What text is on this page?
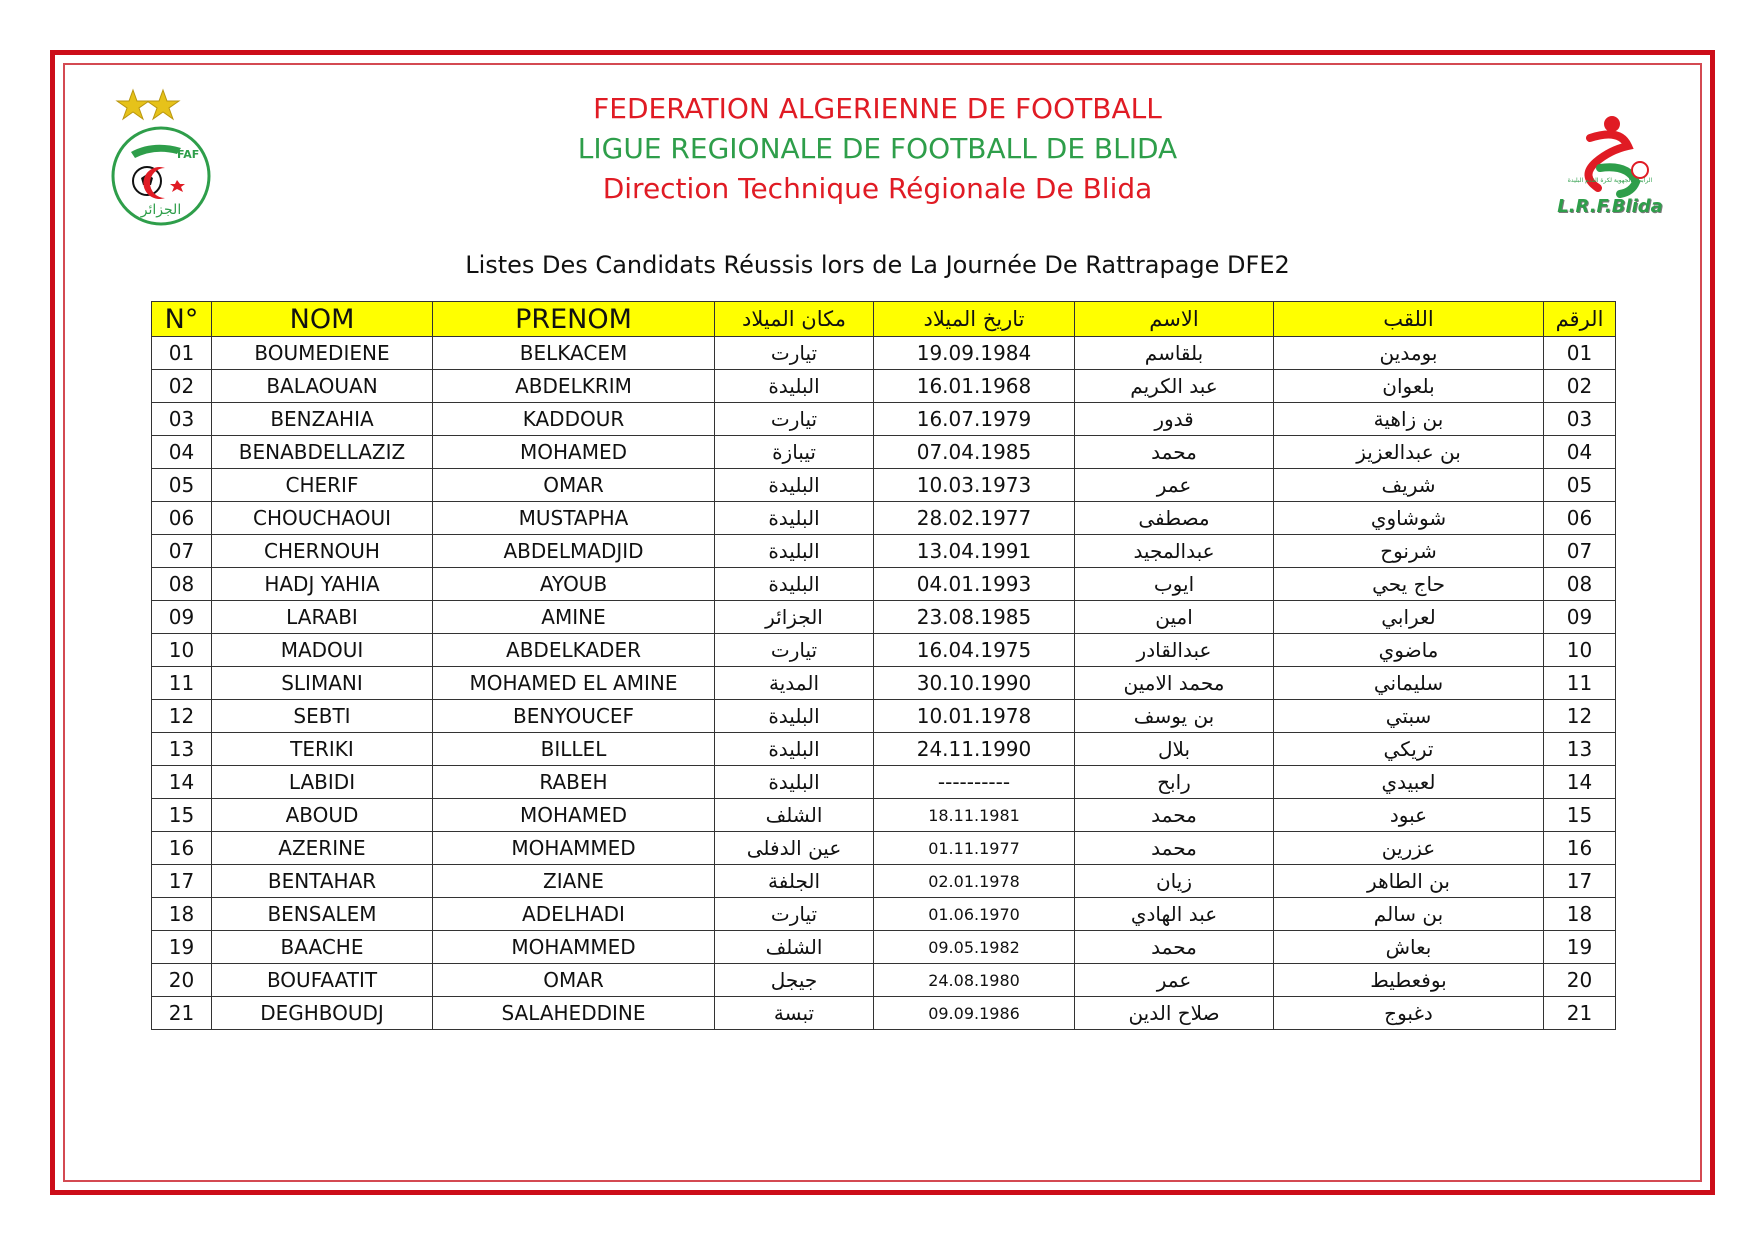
FAF
الجزائر
الرابطة الجهوية لكرة القدم البليدة
L.R.F.Blida
FEDERATION ALGERIENNE DE FOOTBALL
LIGUE REGIONALE DE FOOTBALL DE BLIDA
Direction Technique Régionale De Blida
Listes Des Candidats Réussis lors de La Journée De Rattrapage DFE2
N°	NOM	PRENOM	مكان الميلاد	تاريخ الميلاد	الاسم	اللقب	الرقم
01	BOUMEDIENE	BELKACEM	تيارت	19.09.1984	بلقاسم	بومدين	01
02	BALAOUAN	ABDELKRIM	البليدة	16.01.1968	عبد الكريم	بلعوان	02
03	BENZAHIA	KADDOUR	تيارت	16.07.1979	قدور	بن زاهية	03
04	BENABDELLAZIZ	MOHAMED	تيبازة	07.04.1985	محمد	بن عبدالعزيز	04
05	CHERIF	OMAR	البليدة	10.03.1973	عمر	شريف	05
06	CHOUCHAOUI	MUSTAPHA	البليدة	28.02.1977	مصطفى	شوشاوي	06
07	CHERNOUH	ABDELMADJID	البليدة	13.04.1991	عبدالمجيد	شرنوح	07
08	HADJ YAHIA	AYOUB	البليدة	04.01.1993	ايوب	حاج يحي	08
09	LARABI	AMINE	الجزائر	23.08.1985	امين	لعرابي	09
10	MADOUI	ABDELKADER	تيارت	16.04.1975	عبدالقادر	ماضوي	10
11	SLIMANI	MOHAMED EL AMINE	المدية	30.10.1990	محمد الامين	سليماني	11
12	SEBTI	BENYOUCEF	البليدة	10.01.1978	بن يوسف	سبتي	12
13	TERIKI	BILLEL	البليدة	24.11.1990	بلال	تريكي	13
14	LABIDI	RABEH	البليدة	----------	رابح	لعبيدي	14
15	ABOUD	MOHAMED	الشلف	18.11.1981	محمد	عبود	15
16	AZERINE	MOHAMMED	عين الدفلى	01.11.1977	محمد	عزرين	16
17	BENTAHAR	ZIANE	الجلفة	02.01.1978	زيان	بن الطاهر	17
18	BENSALEM	ADELHADI	تيارت	01.06.1970	عبد الهادي	بن سالم	18
19	BAACHE	MOHAMMED	الشلف	09.05.1982	محمد	بعاش	19
20	BOUFAATIT	OMAR	جيجل	24.08.1980	عمر	بوفعطيط	20
21	DEGHBOUDJ	SALAHEDDINE	تبسة	09.09.1986	صلاح الدين	دغبوج	21
